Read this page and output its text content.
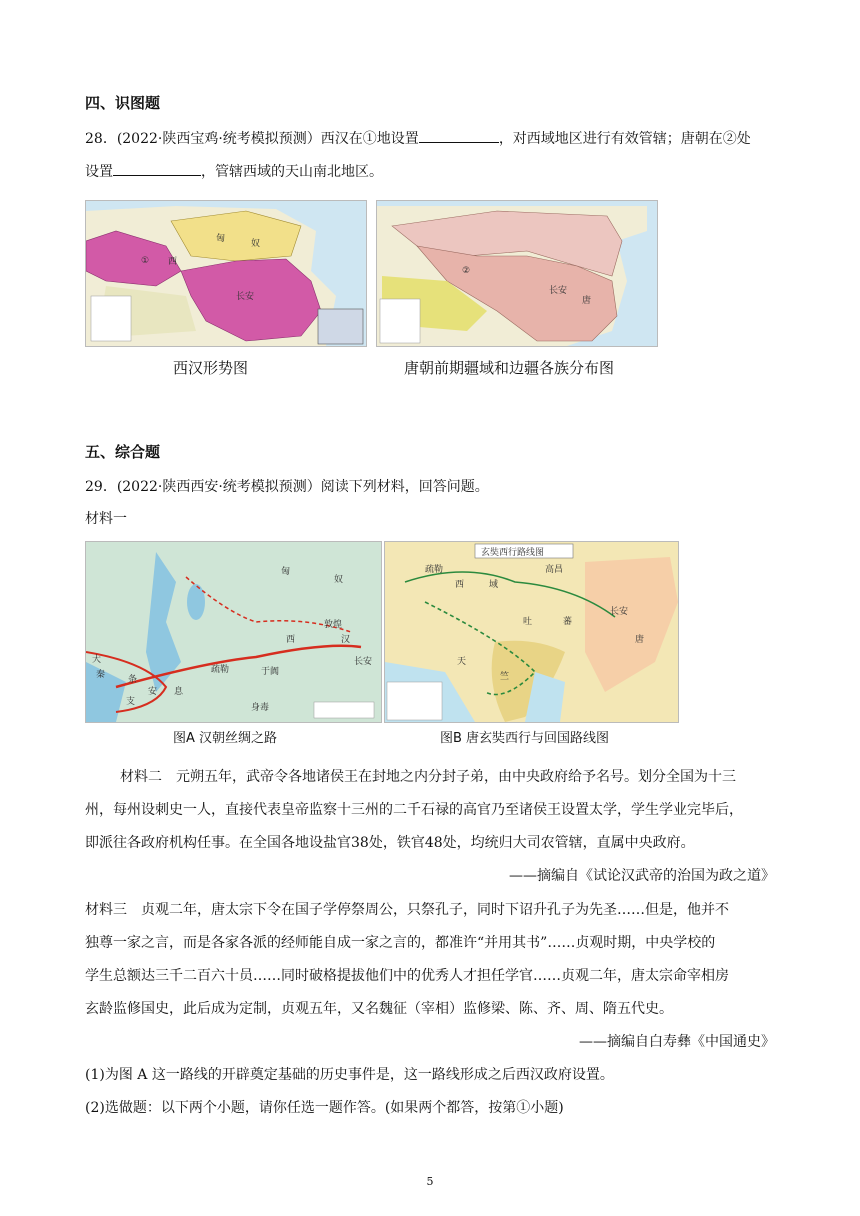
四、识图题
28．(2022·陕西宝鸡·统考模拟预测）西汉在①地设置	，对西域地区进行有效管辖；唐朝在②处
设置	，管辖西域的天山南北地区。
匈	奴
① 西
长安
西汉形势图
②
长安
唐
唐朝前期疆域和边疆各族分布图
五、综合题
29．(2022·陕西西安·统考模拟预测）阅读下列材料，回答问题。
材料一
匈
奴
西	汉
长安
大
秦
安 息
身毒
条
支
疏勒	于阗
敦煌
图A 汉朝丝绸之路
玄奘西行路线图
西	域
吐	蕃
长安
唐
天
竺
高昌
疏勒
图B 唐玄奘西行与回国路线图
材料二　元朔五年，武帝令各地诸侯王在封地之内分封子弟，由中央政府给予名号。划分全国为十三
州，每州设刺史一人，直接代表皇帝监察十三州的二千石禄的高官乃至诸侯王设置太学，学生学业完毕后，
即派往各政府机构任事。在全国各地设盐官38处，铁官48处，均统归大司农管辖，直属中央政府。
——摘编自《试论汉武帝的治国为政之道》
材料三　贞观二年，唐太宗下令在国子学停祭周公，只祭孔子，同时下诏升孔子为先圣……但是，他并不
独尊一家之言，而是各家各派的经师能自成一家之言的，都准许“并用其书”……贞观时期，中央学校的
学生总额达三千二百六十员……同时破格提拔他们中的优秀人才担任学官……贞观二年，唐太宗命宰相房
玄龄监修国史，此后成为定制，贞观五年，又名魏征（宰相）监修梁、陈、齐、周、隋五代史。
——摘编自白寿彝《中国通史》
(1)为图 A 这一路线的开辟奠定基础的历史事件是，这一路线形成之后西汉政府设置。
(2)选做题：以下两个小题，请你任选一题作答。(如果两个都答，按第①小题)
5
